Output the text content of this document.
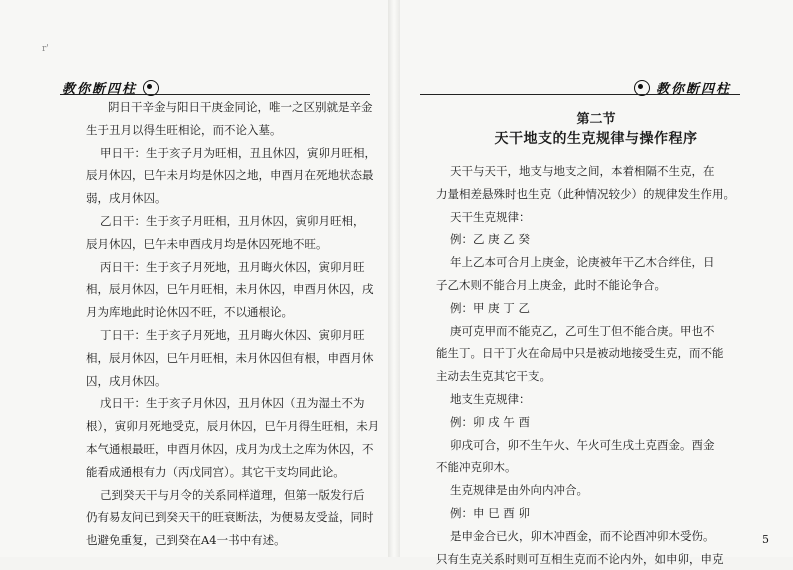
r'
教你断四柱

阴日干辛金与阳日干庚金同论，唯一之区别就是辛金

生于丑月以得生旺相论，而不论入墓。

甲日干：生于亥子月为旺相，丑且休囚，寅卯月旺相，

辰月休囚，巳午未月均是休囚之地，申酉月在死地状态最

弱，戌月休囚。

乙日干：生于亥子月旺相，丑月休囚，寅卯月旺相，

辰月休囚，巳午未申酉戌月均是休囚死地不旺。

丙日干：生于亥子月死地，丑月晦火休囚，寅卯月旺

相，辰月休囚，巳午月旺相，未月休囚，申酉月休囚，戌

月为库地此时论休囚不旺，不以通根论。

丁日干：生于亥子月死地，丑月晦火休囚、寅卯月旺

相，辰月休囚，巳午月旺相，未月休囚但有根，申酉月休

囚，戌月休囚。

戊日干：生于亥子月休囚，丑月休囚（丑为湿土不为

根），寅卯月死地受克，辰月休囚，巳午月得生旺相，未月

本气通根最旺，申酉月休囚，戌月为戊土之库为休囚，不

能看成通根有力（丙戊同宫）。其它干支均同此论。

己到癸天干与月令的关系同样道理，但第一版发行后

仍有易友问已到癸天干的旺衰断法，为便易友受益，同时

也避免重复，己到癸在A4一书中有述。

教你断四柱
第二节
天干地支的生克规律与操作程序

天干与天干，地支与地支之间，本着相隔不生克，在

力量相差悬殊时也生克（此种情况较少）的规律发生作用。

天干生克规律：

例：乙 庚 乙 癸

年上乙本可合月上庚金，论庚被年干乙木合绊住，日

子乙木则不能合月上庚金，此时不能论争合。

例：甲 庚 丁 乙

庚可克甲而不能克乙，乙可生丁但不能合庚。甲也不

能生丁。日干丁火在命局中只是被动地接受生克，而不能

主动去生克其它干支。

地支生克规律：

例：卯 戌 午 酉

卯戌可合，卯不生午火、午火可生戌土克酉金。酉金

不能冲克卯木。

生克规律是由外向内冲合。

例：申 巳 酉 卯

是申金合已火，卯木冲酉金，而不论酉冲卯木受伤。

只有生克关系时则可互相生克而不论内外，如申卯，申克

5
